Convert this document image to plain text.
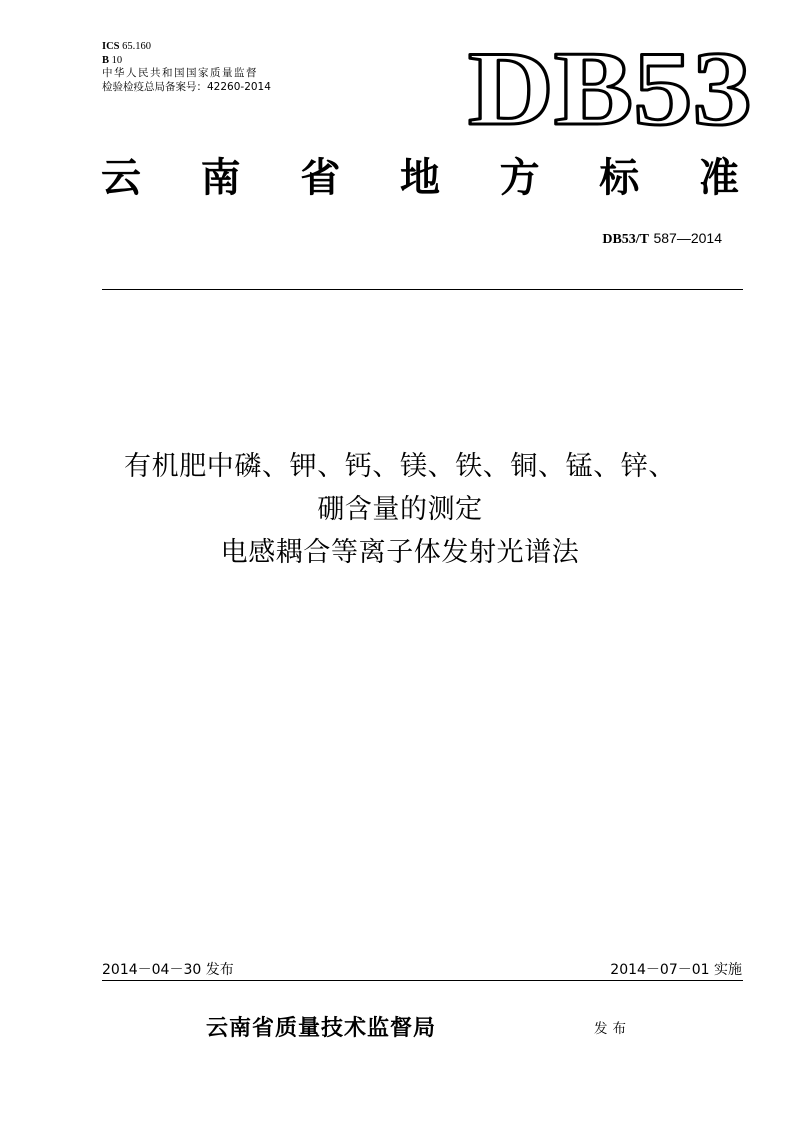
ICS 65.160
B 10
中华人民共和国国家质量监督
检验检疫总局备案号：42260-2014 DB53
云 南 省 地 方 标 准
DB53/T 587—2014
有机肥中磷、钾、钙、镁、铁、铜、锰、锌、
硼含量的测定
电感耦合等离子体发射光谱法
2014－04－30 发布	2014－07－01 实施
云南省质量技术监督局	发布
